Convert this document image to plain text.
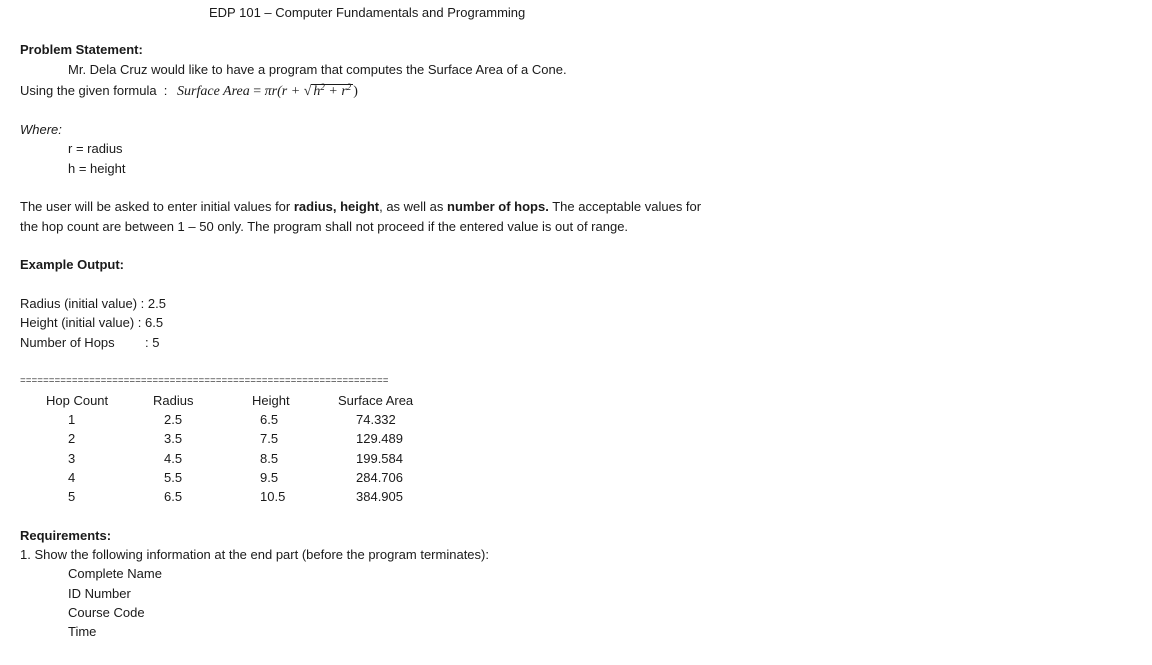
EDP 101 – Computer Fundamentals and Programming
Problem Statement:
Mr. Dela Cruz would like to have a program that computes the Surface Area of a Cone.
Using the given formula  : Surface Area = πr(r + √ $h^2 + r^2$ )
Where:
r = radius
h = height
The user will be asked to enter initial values for radius, height, as well as number of hops. The acceptable values for
the hop count are between 1 – 50 only. The program shall not proceed if the entered value is out of range.
Example Output:
Radius (initial value) : 2.5
Height (initial value) : 6.5
Number of Hops : 5
================================================================
Hop Count	Radius	Height	Surface Area
1	2.5	6.5	74.332
2	3.5	7.5	129.489
3	4.5	8.5	199.584
4	5.5	9.5	284.706
5	6.5	10.5	384.905
Requirements:
1. Show the following information at the end part (before the program terminates):
Complete Name
ID Number
Course Code
Time
